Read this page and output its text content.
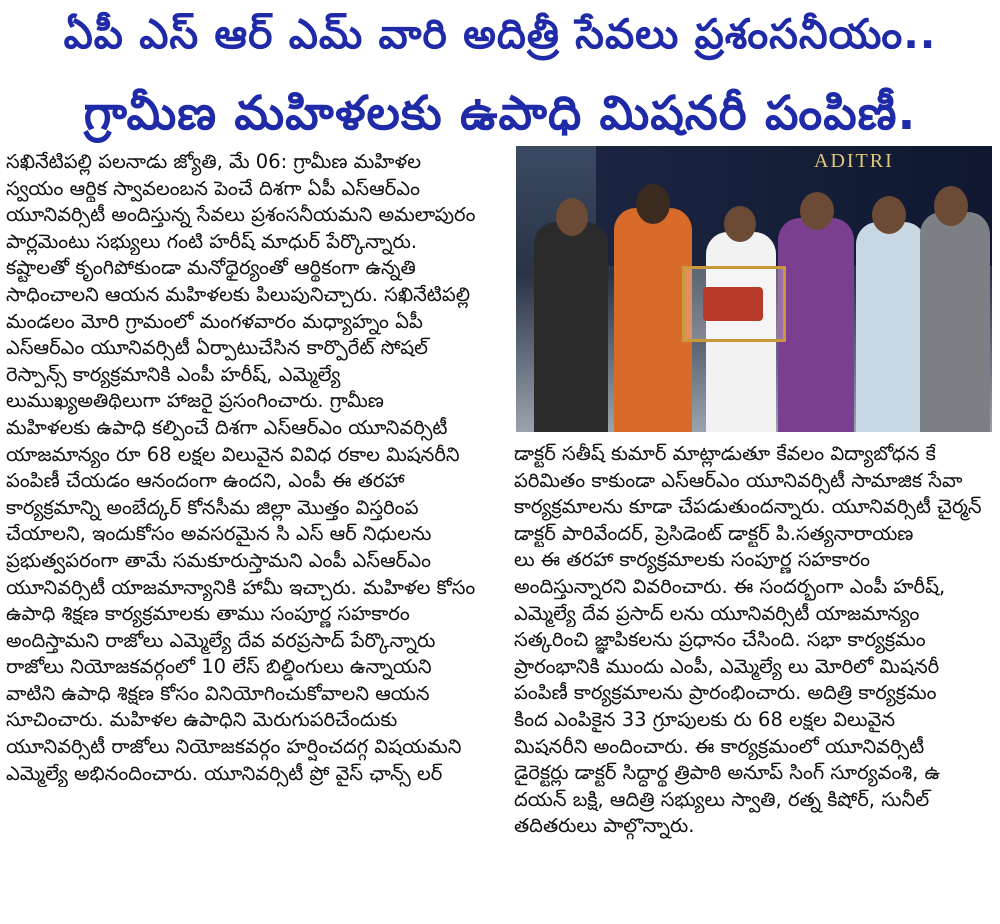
ఏపీ ఎస్ ఆర్ ఎమ్ వారి అదిత్రీ సేవలు ప్రశంసనీయం..
గ్రామీణ మహిళలకు ఉపాధి మిషనరీ పంపిణీ.

సఖినేటిపల్లి పలనాడు జ్యోతి, మే 06: గ్రామీణ మహిళల

స్వయం ఆర్థిక స్వావలంబన పెంచే దిశగా ఏపీ ఎస్ఆర్ఎం

యూనివర్సిటీ అందిస్తున్న సేవలు ప్రశంసనీయమని అమలాపురం

పార్లమెంటు సభ్యులు గంటి హరీష్ మాధుర్ పేర్కొన్నారు.

కష్టాలతో కృంగిపోకుండా మనోధైర్యంతో ఆర్థికంగా ఉన్నతి

సాధించాలని ఆయన మహిళలకు పిలుపునిచ్చారు. సఖినేటిపల్లి

మండలం మోరి గ్రామంలో మంగళవారం మధ్యాహ్నం ఏపీ

ఎస్ఆర్ఎం యూనివర్సిటీ ఏర్పాటుచేసిన కార్పొరేట్ సోషల్

రెస్పాన్స్ కార్యక్రమానికి ఎంపీ హరీష్, ఎమ్మెల్యే

లుముఖ్యఅతిథిలుగా హాజరై ప్రసంగించారు. గ్రామీణ

మహిళలకు ఉపాధి కల్పించే దిశగా ఎస్ఆర్ఎం యూనివర్సిటీ

యాజమాన్యం రూ 68 లక్షల విలువైన వివిధ రకాల మిషనరీని

పంపిణీ చేయడం ఆనందంగా ఉందని, ఎంపీ ఈ తరహా

కార్యక్రమాన్ని అంబేద్కర్ కోనసీమ జిల్లా మొత్తం విస్తరింప

చేయాలని, ఇందుకోసం అవసరమైన సి ఎస్ ఆర్ నిధులను

ప్రభుత్వపరంగా తామే సమకూరుస్తామని ఎంపీ ఎస్ఆర్ఎం

యూనివర్సిటీ యాజమాన్యానికి హామీ ఇచ్చారు. మహిళల కోసం

ఉపాధి శిక్షణ కార్యక్రమాలకు తాము సంపూర్ణ సహకారం

అందిస్తామని రాజోలు ఎమ్మెల్యే దేవ వరప్రసాద్ పేర్కొన్నారు

రాజోలు నియోజకవర్గంలో 10 లేస్ బిల్డింగులు ఉన్నాయని

వాటిని ఉపాధి శిక్షణ కోసం వినియోగించుకోవాలని ఆయన

సూచించారు. మహిళల ఉపాధిని మెరుగుపరిచేందుకు

యూనివర్సిటీ రాజోలు నియోజకవర్గం హర్షించదగ్గ విషయమని

ఎమ్మెల్యే అభినందించారు. యూనివర్సిటీ ప్రో వైస్ ఛాన్స్ లర్

ADITRI

డాక్టర్ సతీష్ కుమార్ మాట్లాడుతూ కేవలం విద్యాబోధన కే

పరిమితం కాకుండా ఎస్ఆర్ఎం యూనివర్సిటీ సామాజిక సేవా

కార్యక్రమాలను కూడా చేపడుతుందన్నారు. యూనివర్సిటీ చైర్మన్

డాక్టర్ పారివేందర్, ప్రెసిడెంట్ డాక్టర్ పి.సత్యనారాయణ

లు ఈ తరహా కార్యక్రమాలకు సంపూర్ణ సహకారం

అందిస్తున్నారని వివరించారు. ఈ సందర్భంగా ఎంపీ హరీష్,

ఎమ్మెల్యే దేవ ప్రసాద్ లను యూనివర్సిటీ యాజమాన్యం

సత్కరించి జ్ఞాపికలను ప్రధానం చేసింది. సభా కార్యక్రమం

ప్రారంభానికి ముందు ఎంపీ, ఎమ్మెల్యే లు మోరిలో మిషనరీ

పంపిణీ కార్యక్రమాలను ప్రారంభించారు. అదిత్రి కార్యక్రమం

కింద ఎంపికైన 33 గ్రూపులకు రు 68 లక్షల విలువైన

మిషనరీని అందించారు. ఈ కార్యక్రమంలో యూనివర్సిటీ

డైరెక్టర్లు డాక్టర్ సిద్ధార్థ త్రిపాఠి అనూప్ సింగ్ సూర్యవంశి, ఉ

దయన్ బక్షి, ఆదిత్రి సభ్యులు స్వాతి, రత్న కిషోర్, సునీల్

తదితరులు పాల్గొన్నారు.
